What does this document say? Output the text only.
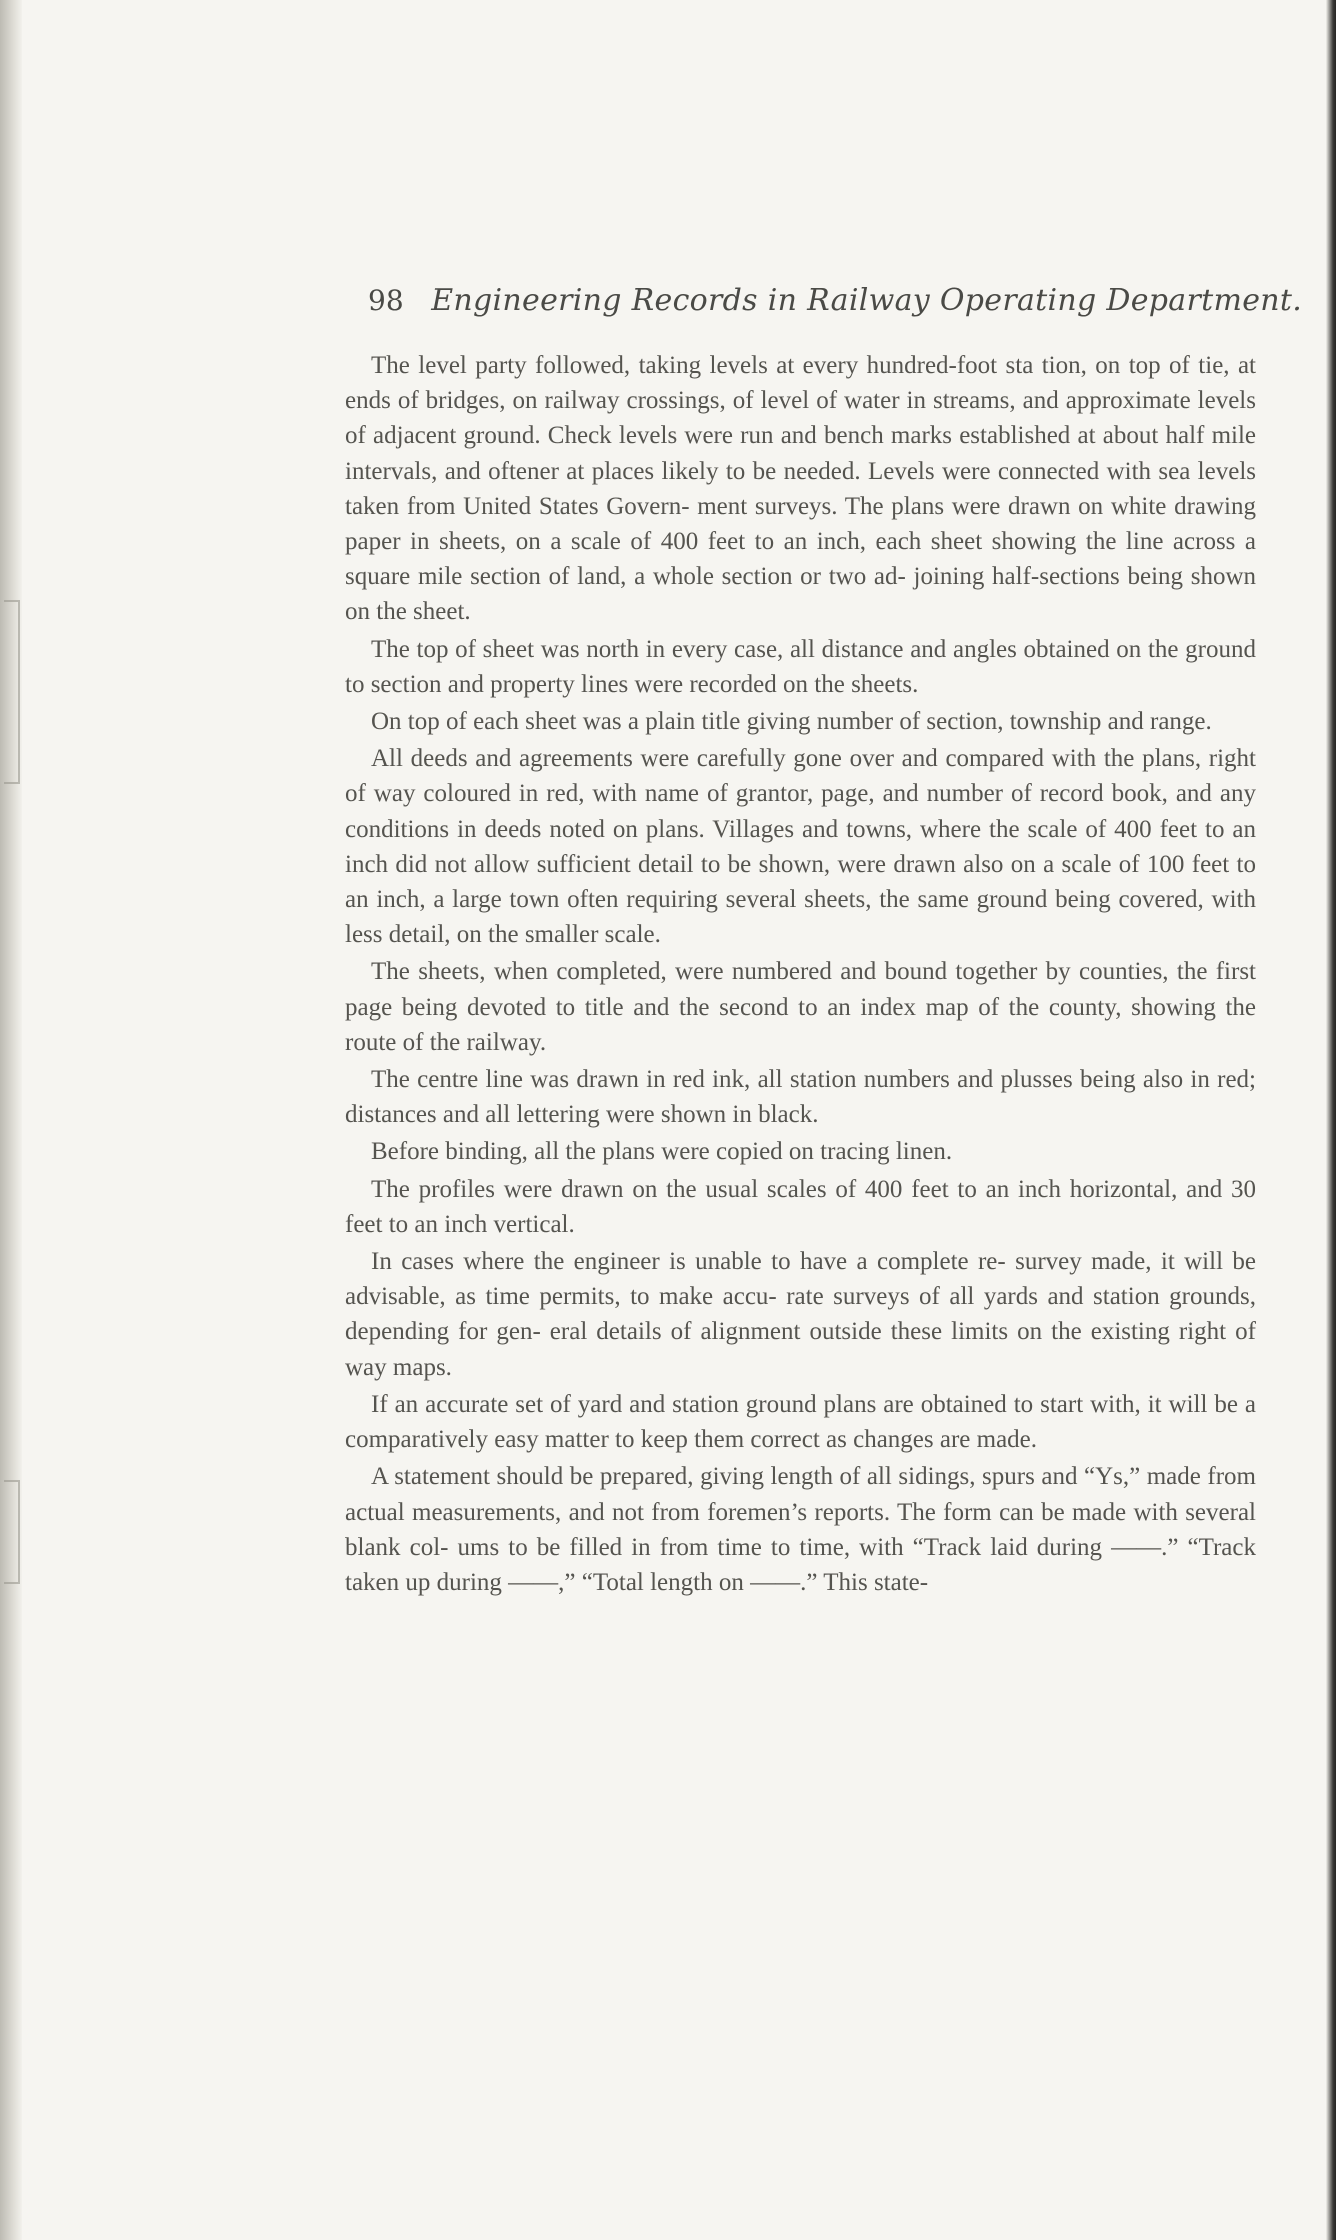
98 Engineering Records in Railway Operating Department.

The level party followed, taking levels at every hundred-foot sta tion, on top of tie, at ends of bridges, on railway crossings, of level of water in streams, and approximate levels of adjacent ground. Check levels were run and bench marks established at about half mile intervals, and oftener at places likely to be needed. Levels were connected with sea levels taken from United States Govern- ment surveys. The plans were drawn on white drawing paper in sheets, on a scale of 400 feet to an inch, each sheet showing the line across a square mile section of land, a whole section or two ad- joining half-sections being shown on the sheet.

The top of sheet was north in every case, all distance and angles obtained on the ground to section and property lines were recorded on the sheets.

On top of each sheet was a plain title giving number of section, township and range.

All deeds and agreements were carefully gone over and compared with the plans, right of way coloured in red, with name of grantor, page, and number of record book, and any conditions in deeds noted on plans. Villages and towns, where the scale of 400 feet to an inch did not allow sufficient detail to be shown, were drawn also on a scale of 100 feet to an inch, a large town often requiring several sheets, the same ground being covered, with less detail, on the smaller scale.

The sheets, when completed, were numbered and bound together by counties, the first page being devoted to title and the second to an index map of the county, showing the route of the railway.

The centre line was drawn in red ink, all station numbers and plusses being also in red; distances and all lettering were shown in black.

Before binding, all the plans were copied on tracing linen.

The profiles were drawn on the usual scales of 400 feet to an inch horizontal, and 30 feet to an inch vertical.

In cases where the engineer is unable to have a complete re- survey made, it will be advisable, as time permits, to make accu- rate surveys of all yards and station grounds, depending for gen- eral details of alignment outside these limits on the existing right of way maps.

If an accurate set of yard and station ground plans are obtained to start with, it will be a comparatively easy matter to keep them correct as changes are made.

A statement should be prepared, giving length of all sidings, spurs and “Ys,” made from actual measurements, and not from foremen’s reports. The form can be made with several blank col- ums to be filled in from time to time, with “Track laid during ——.” “Track taken up during ——,” “Total length on ——.” This state-
